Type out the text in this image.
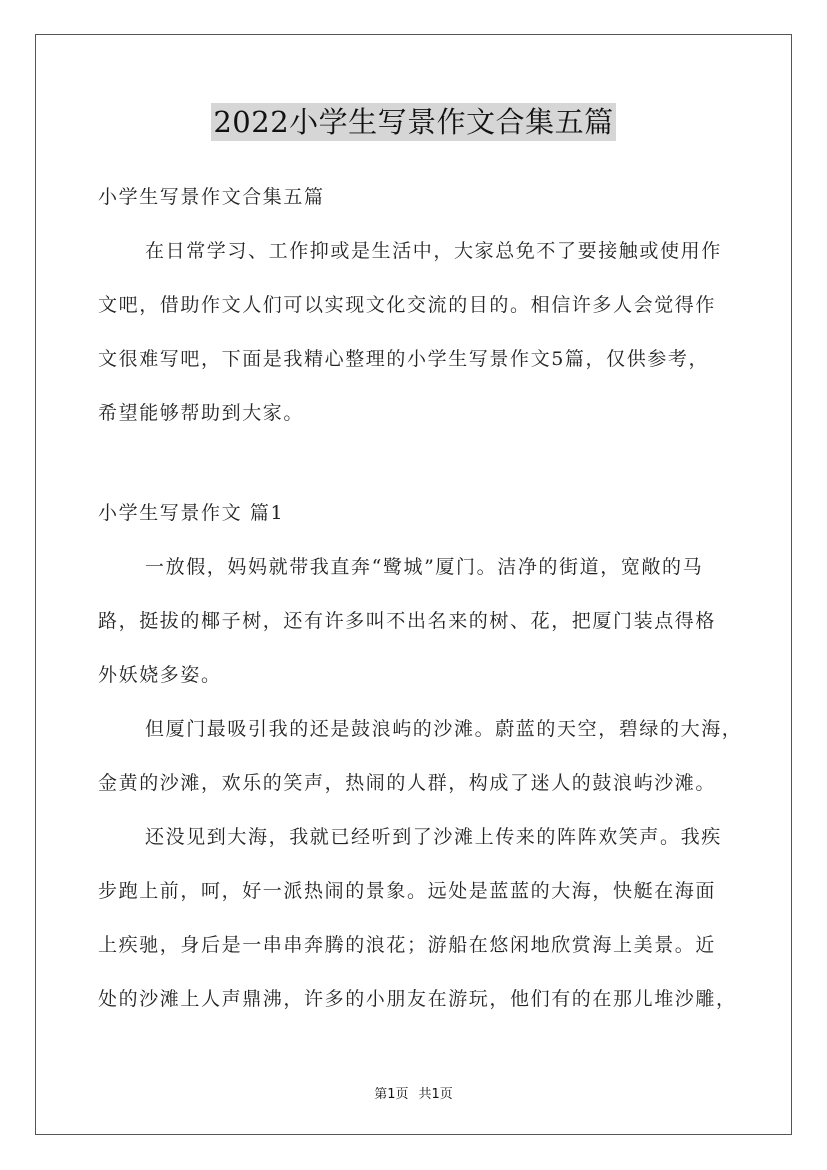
2022小学生写景作文合集五篇
小学生写景作文合集五篇
在日常学习、工作抑或是生活中，大家总免不了要接触或使用作
文吧，借助作文人们可以实现文化交流的目的。相信许多人会觉得作
文很难写吧，下面是我精心整理的小学生写景作文5篇，仅供参考，
希望能够帮助到大家。
小学生写景作文 篇1
一放假，妈妈就带我直奔“鹭城”厦门。洁净的街道，宽敞的马
路，挺拔的椰子树，还有许多叫不出名来的树、花，把厦门装点得格
外妖娆多姿。
但厦门最吸引我的还是鼓浪屿的沙滩。蔚蓝的天空，碧绿的大海，
金黄的沙滩，欢乐的笑声，热闹的人群，构成了迷人的鼓浪屿沙滩。
还没见到大海，我就已经听到了沙滩上传来的阵阵欢笑声。我疾
步跑上前，呵，好一派热闹的景象。远处是蓝蓝的大海，快艇在海面
上疾驰，身后是一串串奔腾的浪花；游船在悠闲地欣赏海上美景。近
处的沙滩上人声鼎沸，许多的小朋友在游玩，他们有的在那儿堆沙雕，
第1页 共1页
